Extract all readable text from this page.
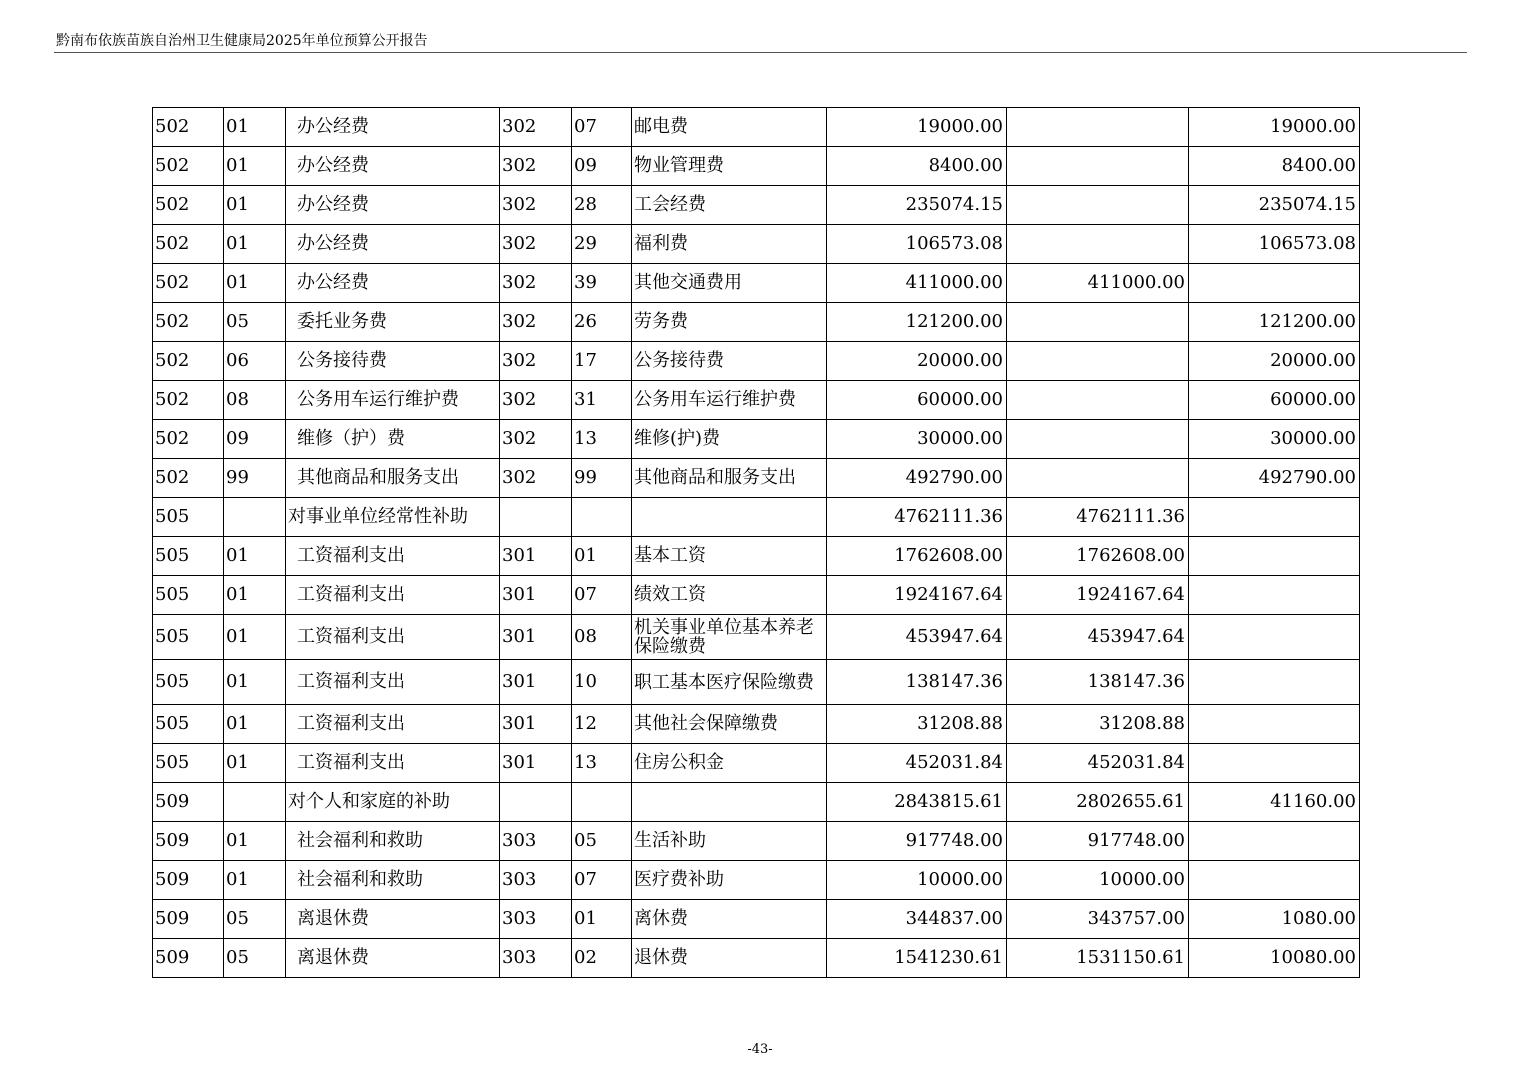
黔南布依族苗族自治州卫生健康局2025年单位预算公开报告
502	01	办公经费	302	07	邮电费	19000.00		19000.00
502	01	办公经费	302	09	物业管理费	8400.00		8400.00
502	01	办公经费	302	28	工会经费	235074.15		235074.15
502	01	办公经费	302	29	福利费	106573.08		106573.08
502	01	办公经费	302	39	其他交通费用	411000.00	411000.00	
502	05	委托业务费	302	26	劳务费	121200.00		121200.00
502	06	公务接待费	302	17	公务接待费	20000.00		20000.00
502	08	公务用车运行维护费	302	31	公务用车运行维护费	60000.00		60000.00
502	09	维修（护）费	302	13	维修(护)费	30000.00		30000.00
502	99	其他商品和服务支出	302	99	其他商品和服务支出	492790.00		492790.00
505		对事业单位经常性补助				4762111.36	4762111.36	
505	01	工资福利支出	301	01	基本工资	1762608.00	1762608.00	
505	01	工资福利支出	301	07	绩效工资	1924167.64	1924167.64	
505	01	工资福利支出	301	08	机关事业单位基本养老保险缴费	453947.64	453947.64	
505	01	工资福利支出	301	10	职工基本医疗保险缴费	138147.36	138147.36	
505	01	工资福利支出	301	12	其他社会保障缴费	31208.88	31208.88	
505	01	工资福利支出	301	13	住房公积金	452031.84	452031.84	
509		对个人和家庭的补助				2843815.61	2802655.61	41160.00
509	01	社会福利和救助	303	05	生活补助	917748.00	917748.00	
509	01	社会福利和救助	303	07	医疗费补助	10000.00	10000.00	
509	05	离退休费	303	01	离休费	344837.00	343757.00	1080.00
509	05	离退休费	303	02	退休费	1541230.61	1531150.61	10080.00
-43-
